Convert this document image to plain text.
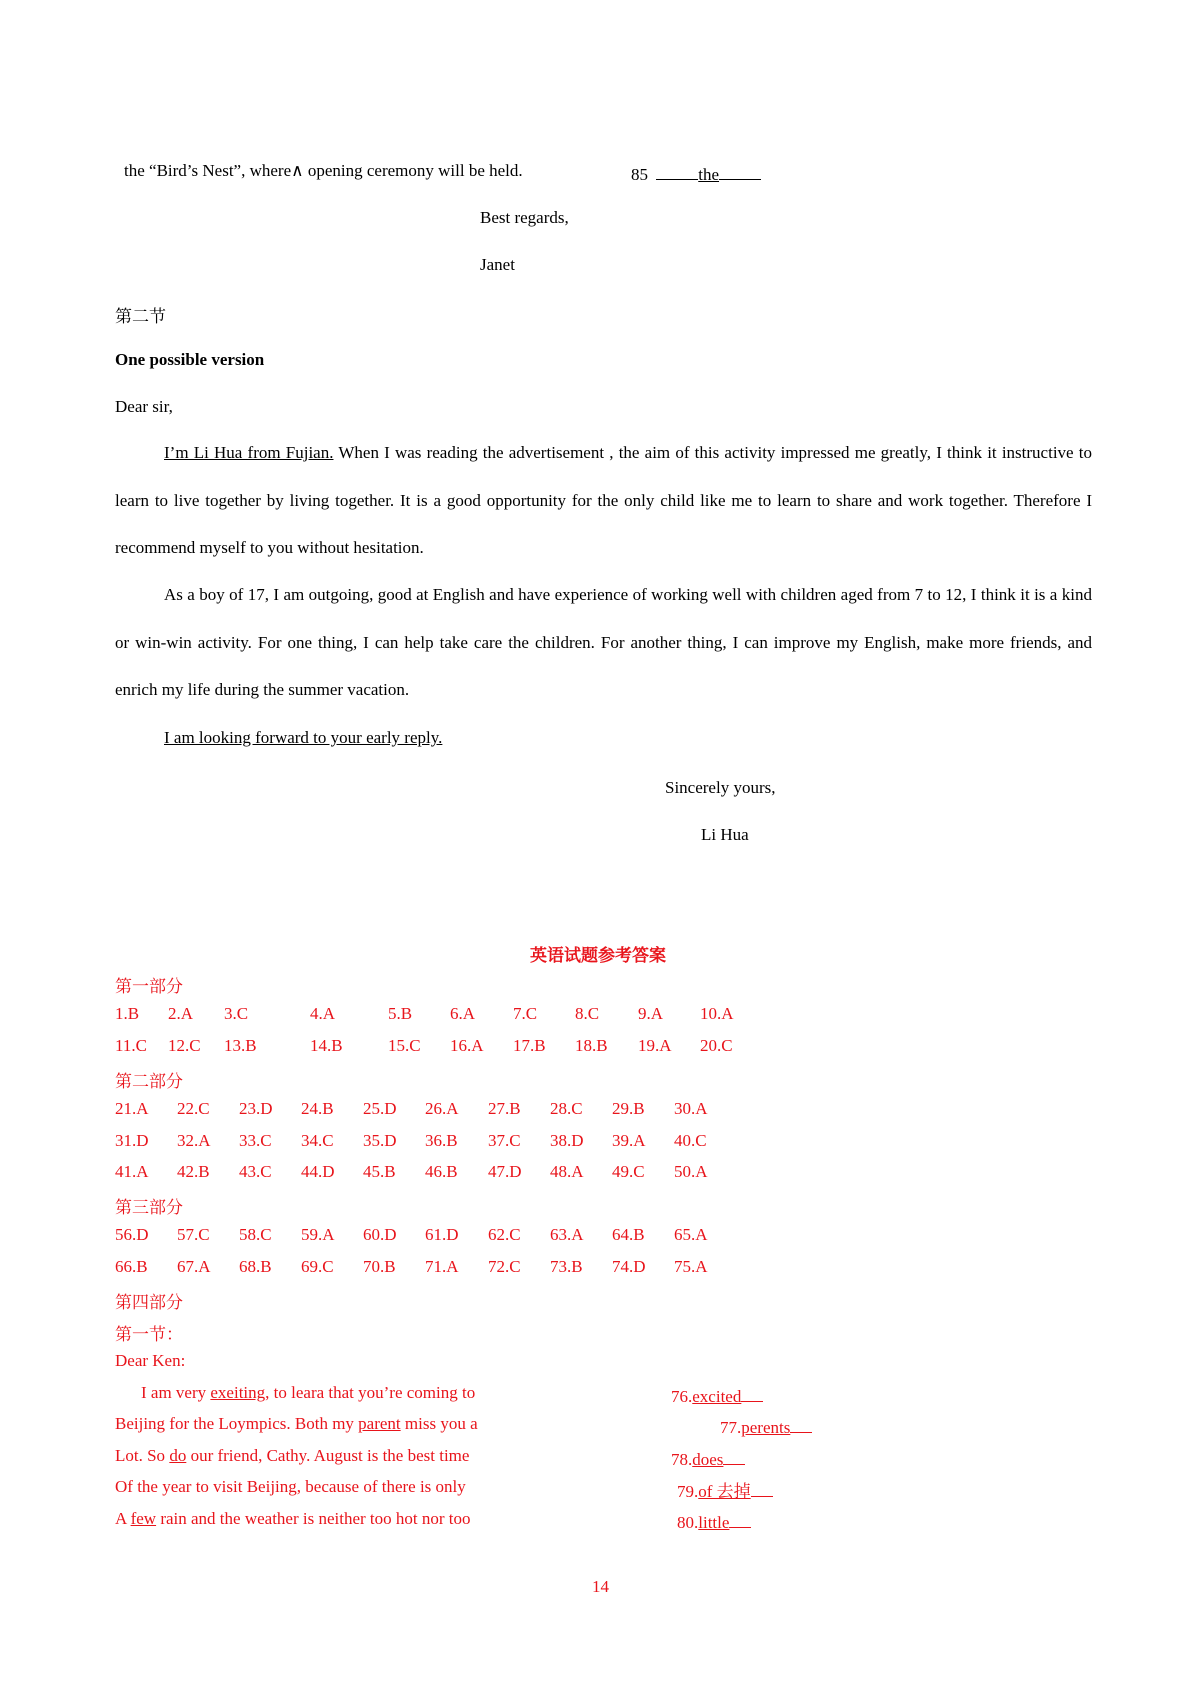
the “Bird’s Nest”, where∧ opening ceremony will be held.	85	the
Best regards,
Janet
第二节
One possible version
Dear sir,
I’m Li Hua from Fujian. When I was reading the advertisement , the aim of this activity impressed me greatly, I think it instructive to learn to live together by living together. It is a good opportunity for the only child like me to learn to share and work together. Therefore I recommend myself to you without hesitation.
As a boy of 17, I am outgoing, good at English and have experience of working well with children aged from 7 to 12, I think it is a kind or win-win activity. For one thing, I can help take care the children. For another thing, I can improve my English, make more friends, and enrich my life during the summer vacation.
I am looking forward to your early reply.
Sincerely yours,
Li Hua
英语试题参考答案
第一部分
1.B 2.A 3.C	4.A	5.B 6.A 7.C 8.C 9.A 10.A
11.C 12.C 13.B	14.B	15.C 16.A 17.B 18.B 19.A 20.C
第二部分
21.A 22.C 23.D 24.B 25.D 26.A 27.B 28.C 29.B 30.A
31.D 32.A 33.C 34.C 35.D 36.B 37.C 38.D 39.A 40.C
41.A 42.B 43.C 44.D 45.B 46.B 47.D 48.A 49.C 50.A
第三部分
56.D 57.C 58.C 59.A 60.D 61.D 62.C 63.A 64.B 65.A
66.B 67.A 68.B 69.C 70.B 71.A 72.C 73.B 74.D 75.A
第四部分
第一节：
Dear Ken:
I am very exeiting, to leara that you’re coming to	76.excited
Beijing for the Loympics. Both my parent miss you a	77.perents
Lot. So do our friend, Cathy. August is the best time	78.does
Of the year to visit Beijing, because of there is only	79.of 去掉
A few rain and the weather is neither too hot nor too	80.little
14
